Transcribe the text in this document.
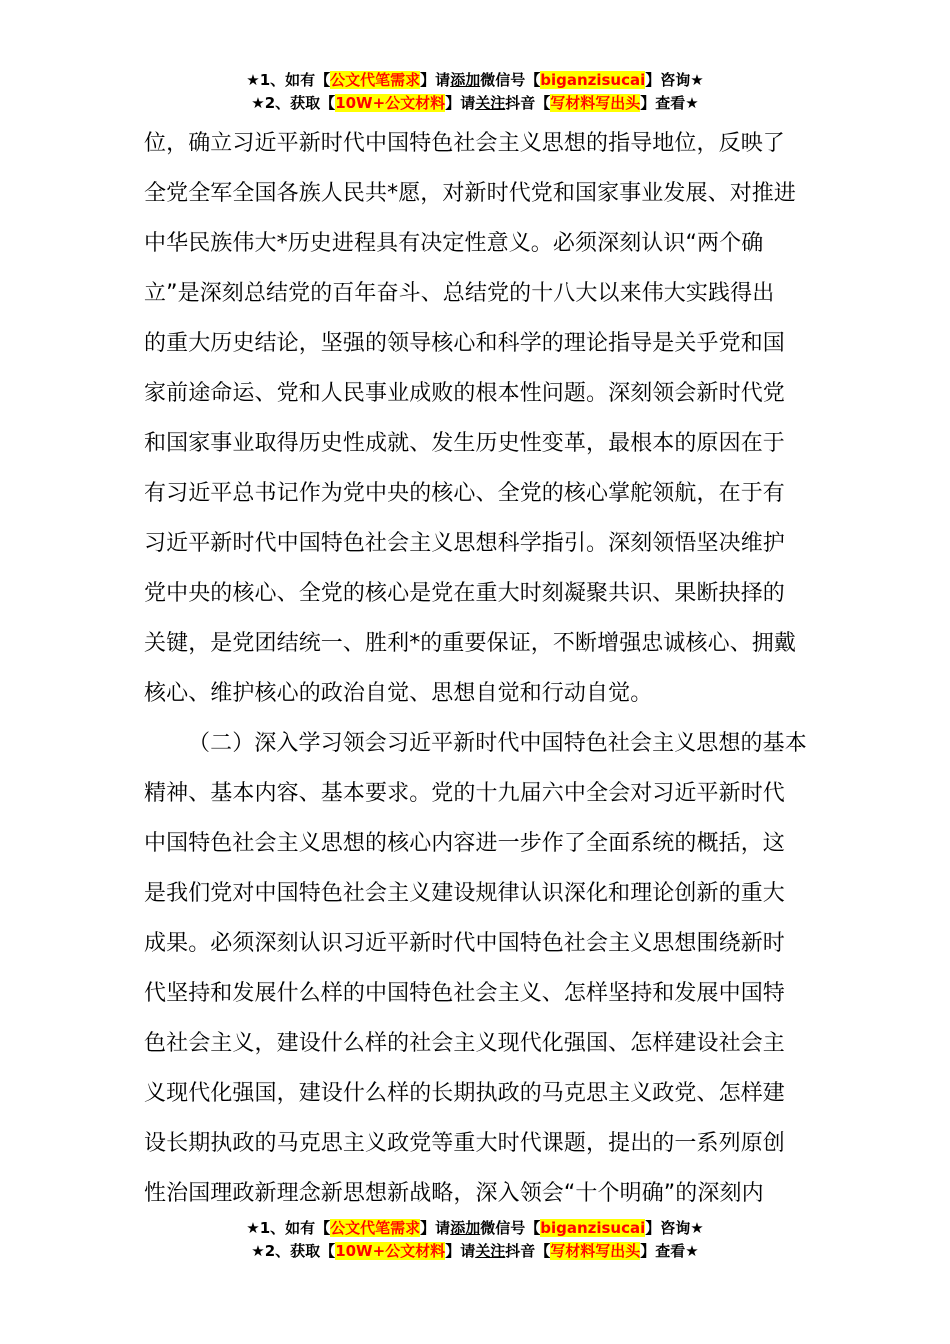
★1、如有【公文代笔需求】请添加微信号【biganzisucai】咨询★
★2、获取【10W+公文材料】请关注抖音【写材料写出头】查看★
位，确立习近平新时代中国特色社会主义思想的指导地位，反映了
全党全军全国各族人民共*愿，对新时代党和国家事业发展、对推进
中华民族伟大*历史进程具有决定性意义。必须深刻认识“两个确
立”是深刻总结党的百年奋斗、总结党的十八大以来伟大实践得出
的重大历史结论，坚强的领导核心和科学的理论指导是关乎党和国
家前途命运、党和人民事业成败的根本性问题。深刻领会新时代党
和国家事业取得历史性成就、发生历史性变革，最根本的原因在于
有习近平总书记作为党中央的核心、全党的核心掌舵领航，在于有
习近平新时代中国特色社会主义思想科学指引。深刻领悟坚决维护
党中央的核心、全党的核心是党在重大时刻凝聚共识、果断抉择的
关键，是党团结统一、胜利*的重要保证，不断增强忠诚核心、拥戴
核心、维护核心的政治自觉、思想自觉和行动自觉。
（二）深入学习领会习近平新时代中国特色社会主义思想的基本
精神、基本内容、基本要求。党的十九届六中全会对习近平新时代
中国特色社会主义思想的核心内容进一步作了全面系统的概括，这
是我们党对中国特色社会主义建设规律认识深化和理论创新的重大
成果。必须深刻认识习近平新时代中国特色社会主义思想围绕新时
代坚持和发展什么样的中国特色社会主义、怎样坚持和发展中国特
色社会主义，建设什么样的社会主义现代化强国、怎样建设社会主
义现代化强国，建设什么样的长期执政的马克思主义政党、怎样建
设长期执政的马克思主义政党等重大时代课题，提出的一系列原创
性治国理政新理念新思想新战略，深入领会“十个明确”的深刻内
★1、如有【公文代笔需求】请添加微信号【biganzisucai】咨询★
★2、获取【10W+公文材料】请关注抖音【写材料写出头】查看★
